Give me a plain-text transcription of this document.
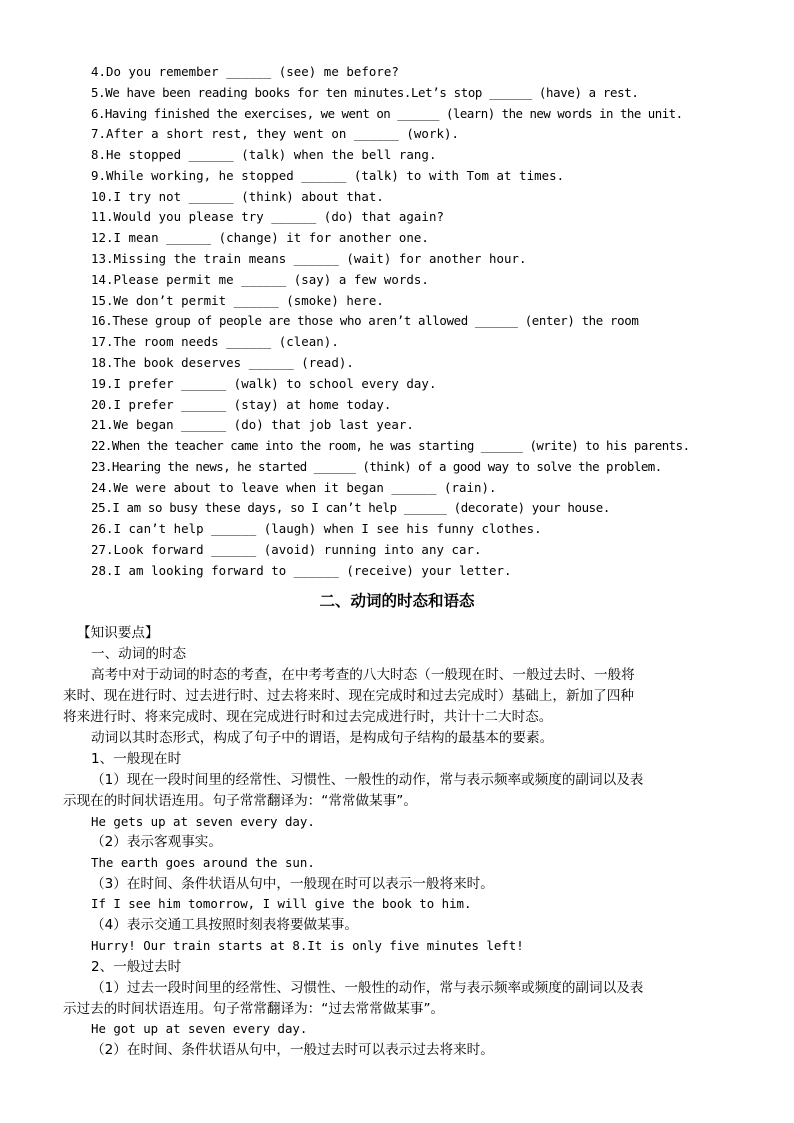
4.Do you remember ______ (see) me before?
5.We have been reading books for ten minutes.Let’s stop ______ (have) a rest.
6.Having finished the exercises, we went on ______ (learn) the new words in the unit.
7.After a short rest, they went on ______ (work).
8.He stopped ______ (talk) when the bell rang.
9.While working, he stopped ______ (talk) to with Tom at times.
10.I try not ______ (think) about that.
11.Would you please try ______ (do) that again?
12.I mean ______ (change) it for another one.
13.Missing the train means ______ (wait) for another hour.
14.Please permit me ______ (say) a few words.
15.We don’t permit ______ (smoke) here.
16.These group of people are those who aren’t allowed ______ (enter) the room
17.The room needs ______ (clean).
18.The book deserves ______ (read).
19.I prefer ______ (walk) to school every day.
20.I prefer ______ (stay) at home today.
21.We began ______ (do) that job last year.
22.When the teacher came into the room, he was starting ______ (write) to his parents.
23.Hearing the news, he started ______ (think) of a good way to solve the problem.
24.We were about to leave when it began ______ (rain).
25.I am so busy these days, so I can’t help ______ (decorate) your house.
26.I can’t help ______ (laugh) when I see his funny clothes.
27.Look forward ______ (avoid) running into any car.
28.I am looking forward to ______ (receive) your letter.
二、动词的时态和语态
【知识要点】
一、动词的时态
高考中对于动词的时态的考查，在中考考查的八大时态（一般现在时、一般过去时、一般将
来时、现在进行时、过去进行时、过去将来时、现在完成时和过去完成时）基础上，新加了四种
将来进行时、将来完成时、现在完成进行时和过去完成进行时，共计十二大时态。
动词以其时态形式，构成了句子中的谓语，是构成句子结构的最基本的要素。
1、一般现在时
（1）现在一段时间里的经常性、习惯性、一般性的动作，常与表示频率或频度的副词以及表
示现在的时间状语连用。句子常常翻译为：“常常做某事”。
He gets up at seven every day.
（2）表示客观事实。
The earth goes around the sun.
（3）在时间、条件状语从句中，一般现在时可以表示一般将来时。
If I see him tomorrow, I will give the book to him.
（4）表示交通工具按照时刻表将要做某事。
Hurry! Our train starts at 8.It is only five minutes left!
2、一般过去时
（1）过去一段时间里的经常性、习惯性、一般性的动作，常与表示频率或频度的副词以及表
示过去的时间状语连用。句子常常翻译为：“过去常常做某事”。
He got up at seven every day.
（2）在时间、条件状语从句中，一般过去时可以表示过去将来时。
